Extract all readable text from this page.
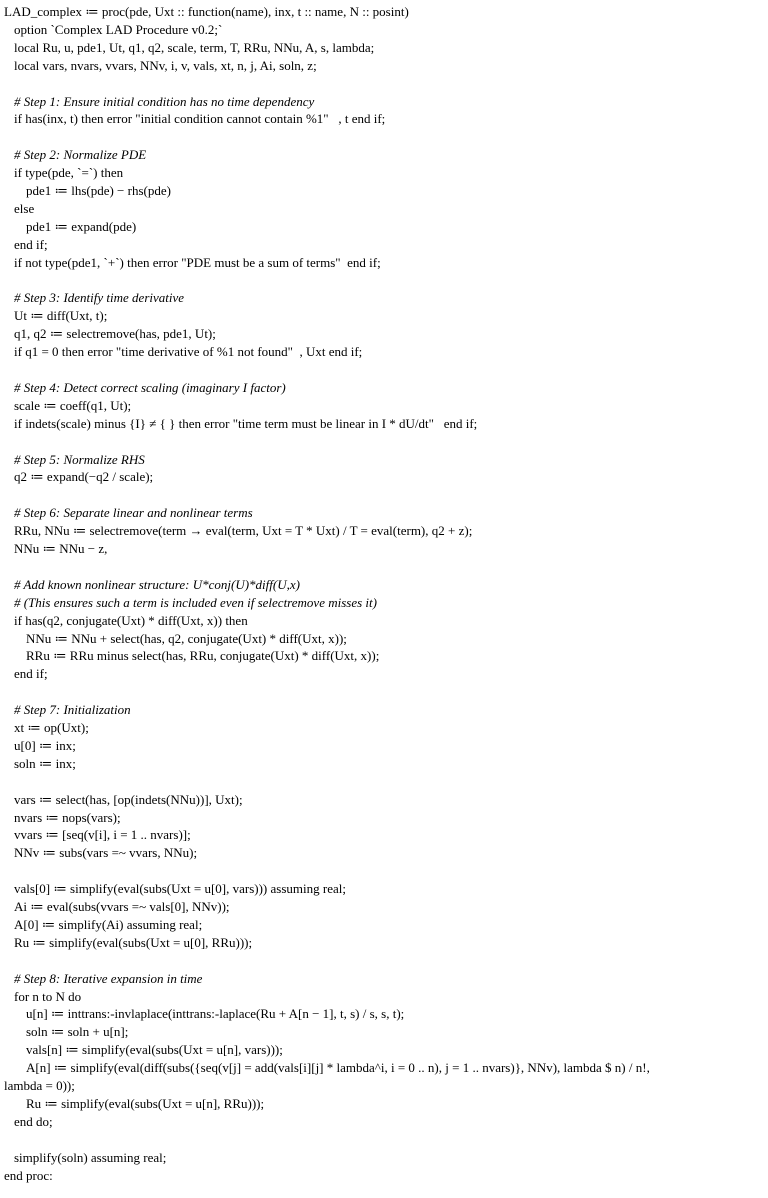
LAD_complex ≔ proc(pde, Uxt :: function(name), inx, t :: name, N :: posint)
option `Complex LAD Procedure v0.2;`
local Ru, u, pde1, Ut, q1, q2, scale, term, T, RRu, NNu, A, s, lambda;
local vars, nvars, vvars, NNv, i, v, vals, xt, n, j, Ai, soln, z;
# Step 1: Ensure initial condition has no time dependency
if has(inx, t) then error "initial condition cannot contain %1"   , t end if;
# Step 2: Normalize PDE
if type(pde, `=`) then
pde1 ≔ lhs(pde) − rhs(pde)
else
pde1 ≔ expand(pde)
end if;
if not type(pde1, `+`) then error "PDE must be a sum of terms"  end if;
# Step 3: Identify time derivative
Ut ≔ diff(Uxt, t);
q1, q2 ≔ selectremove(has, pde1, Ut);
if q1 = 0 then error "time derivative of %1 not found"  , Uxt end if;
# Step 4: Detect correct scaling (imaginary I factor)
scale ≔ coeff(q1, Ut);
if indets(scale) minus {I} ≠ { } then error "time term must be linear in I * dU/dt"   end if;
# Step 5: Normalize RHS
q2 ≔ expand(−q2 / scale);
# Step 6: Separate linear and nonlinear terms
RRu, NNu ≔ selectremove(term → eval(term, Uxt = T * Uxt) / T = eval(term), q2 + z);
NNu ≔ NNu − z,
# Add known nonlinear structure: U*conj(U)*diff(U,x)
# (This ensures such a term is included even if selectremove misses it)
if has(q2, conjugate(Uxt) * diff(Uxt, x)) then
NNu ≔ NNu + select(has, q2, conjugate(Uxt) * diff(Uxt, x));
RRu ≔ RRu minus select(has, RRu, conjugate(Uxt) * diff(Uxt, x));
end if;
# Step 7: Initialization
xt ≔ op(Uxt);
u[0] ≔ inx;
soln ≔ inx;
vars ≔ select(has, [op(indets(NNu))], Uxt);
nvars ≔ nops(vars);
vvars ≔ [seq(v[i], i = 1 .. nvars)];
NNv ≔ subs(vars =~ vvars, NNu);
vals[0] ≔ simplify(eval(subs(Uxt = u[0], vars))) assuming real;
Ai ≔ eval(subs(vvars =~ vals[0], NNv));
A[0] ≔ simplify(Ai) assuming real;
Ru ≔ simplify(eval(subs(Uxt = u[0], RRu)));
# Step 8: Iterative expansion in time
for n to N do
u[n] ≔ inttrans:-invlaplace(inttrans:-laplace(Ru + A[n − 1], t, s) / s, s, t);
soln ≔ soln + u[n];
vals[n] ≔ simplify(eval(subs(Uxt = u[n], vars)));
A[n] ≔ simplify(eval(diff(subs({seq(v[j] = add(vals[i][j] * lambda^i, i = 0 .. n), j = 1 .. nvars)}, NNv), lambda $ n) / n!,
lambda = 0));
Ru ≔ simplify(eval(subs(Uxt = u[n], RRu)));
end do;
simplify(soln) assuming real;
end proc:
